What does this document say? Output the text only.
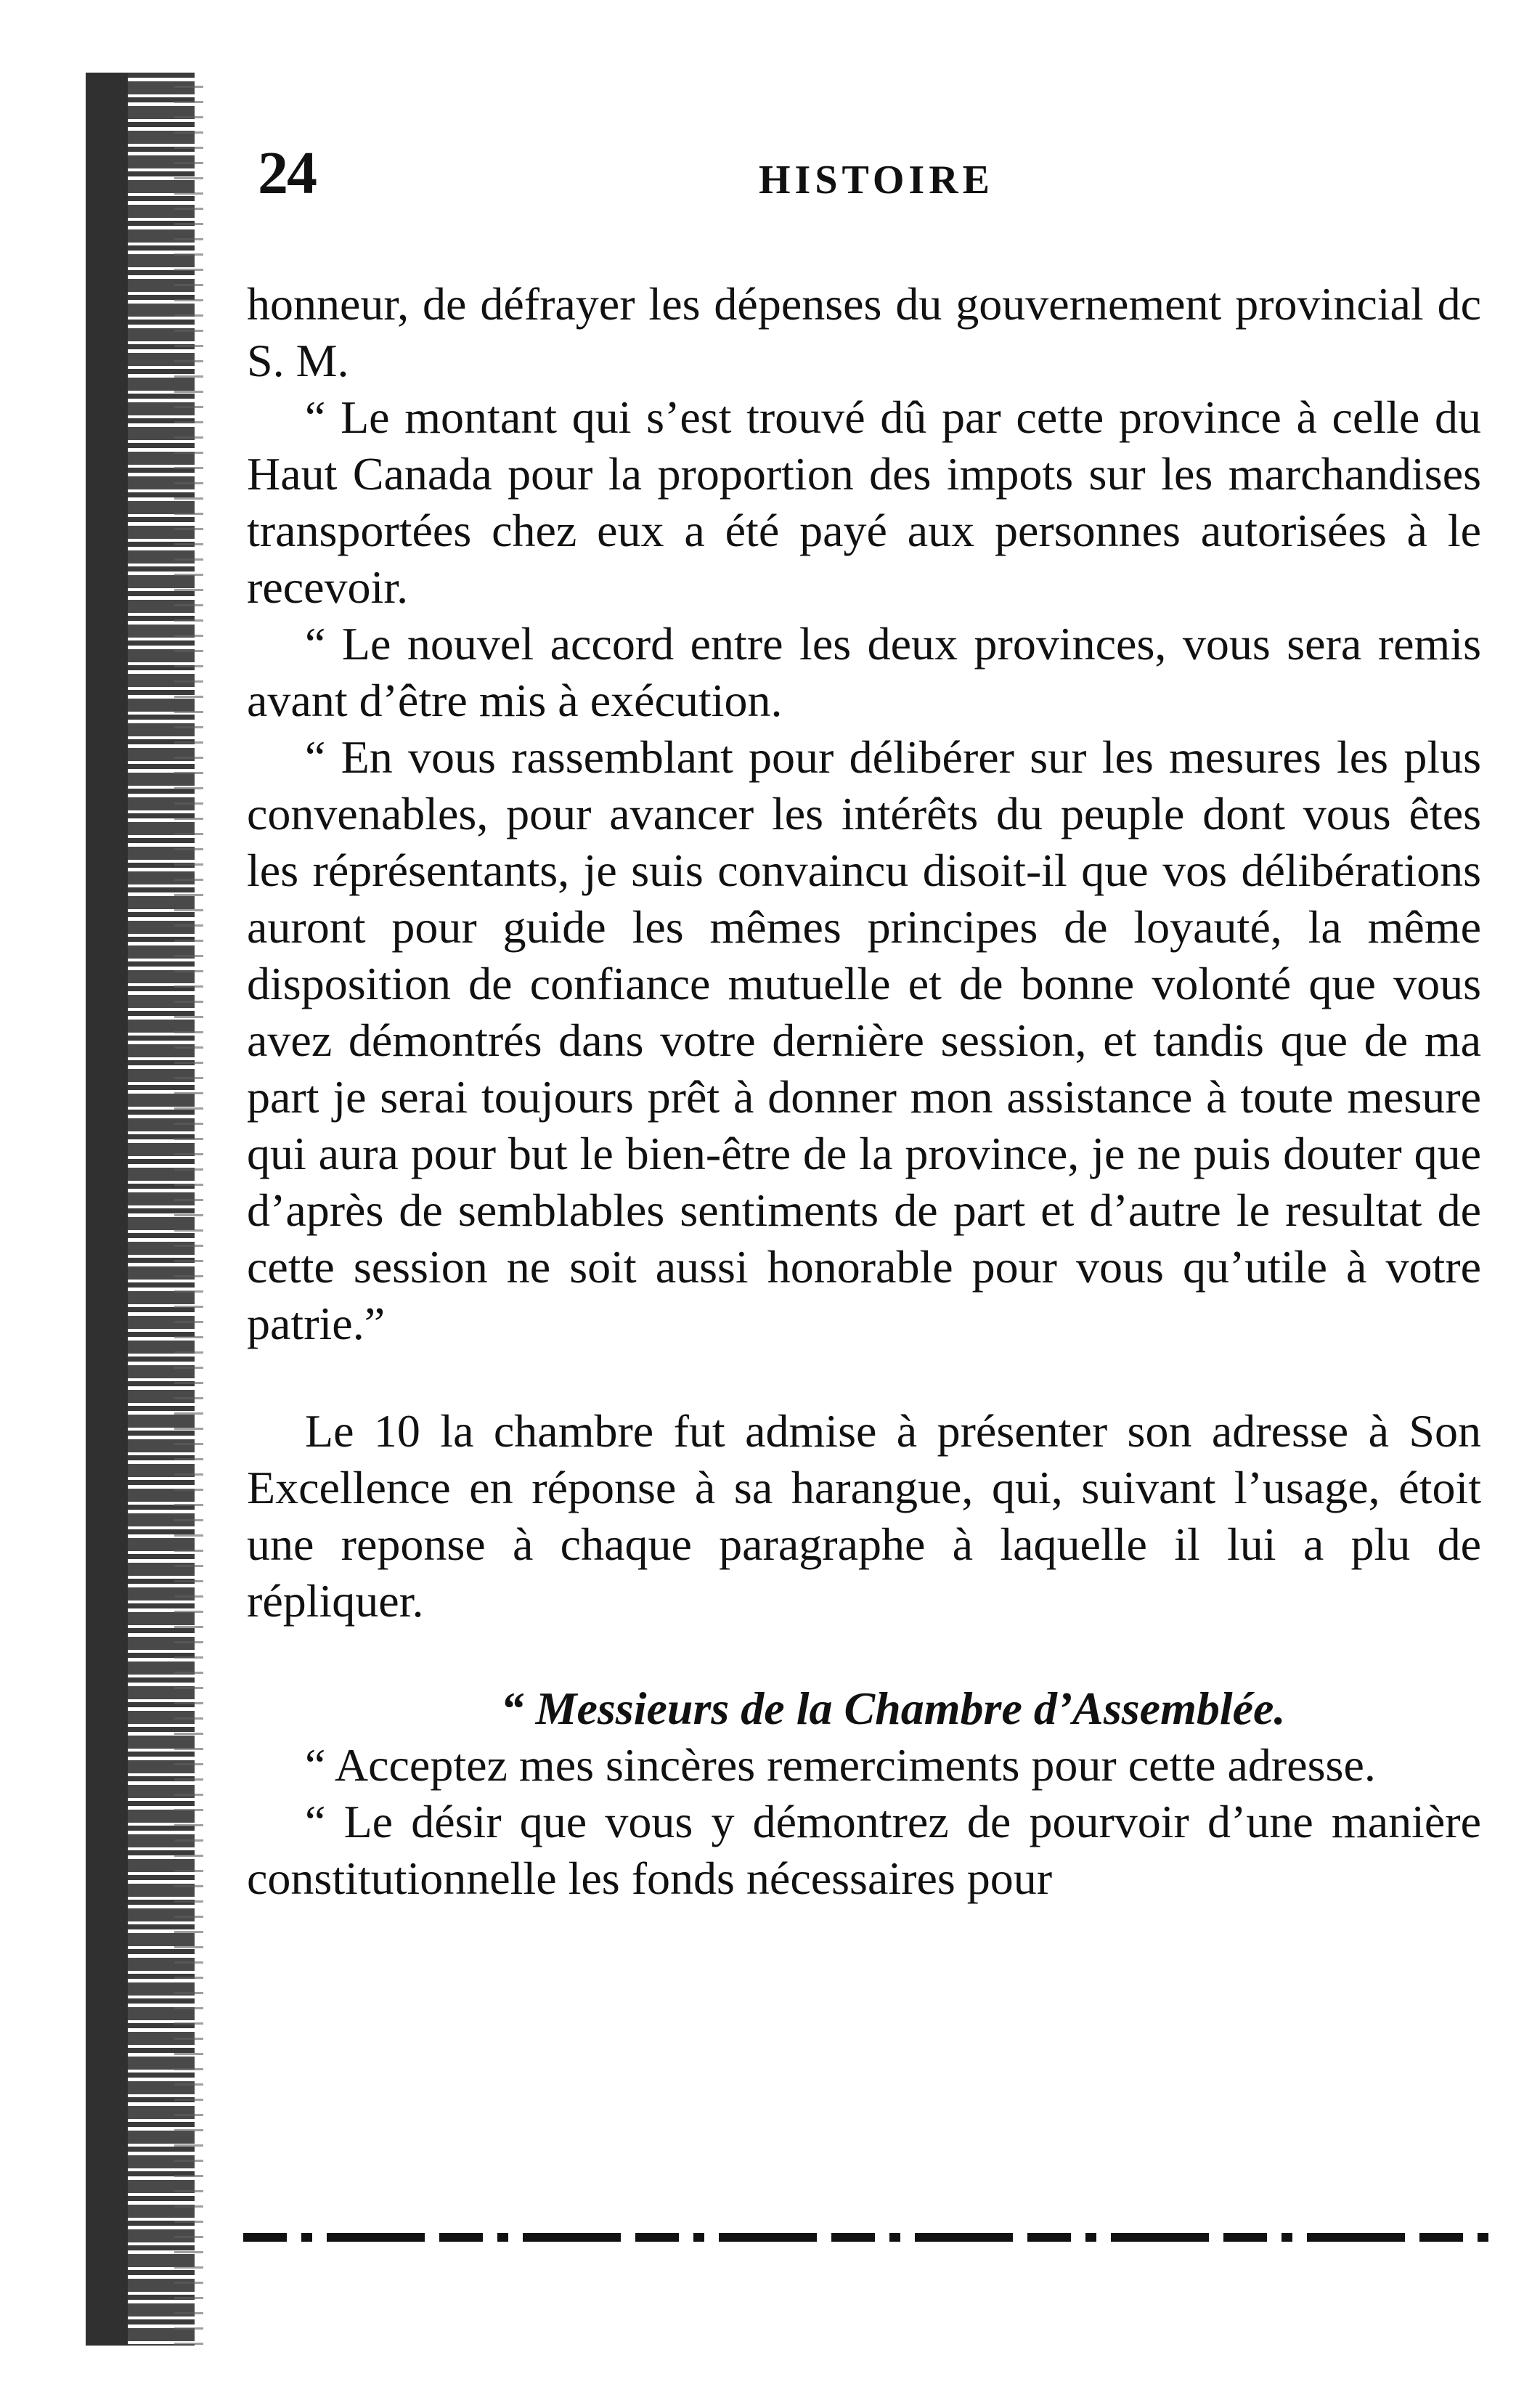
24	HISTOIRE

honneur, de défrayer les dépenses du gouvernement provincial dc S. M.

“ Le montant qui s’est trouvé dû par cette province à celle du Haut Canada pour la proportion des impots sur les marchandises transportées chez eux a été payé aux personnes autorisées à le recevoir.

“ Le nouvel accord entre les deux provinces, vous sera remis avant d’être mis à exécution.

“ En vous rassemblant pour délibérer sur les mesures les plus convenables, pour avancer les intérêts du peuple dont vous êtes les réprésentants, je suis convaincu disoit-il que vos délibérations auront pour guide les mêmes principes de loyauté, la même disposition de confiance mutuelle et de bonne volonté que vous avez démontrés dans votre dernière session, et tandis que de ma part je serai toujours prêt à donner mon assistance à toute mesure qui aura pour but le bien-être de la province, je ne puis douter que d’après de semblables sentiments de part et d’autre le resultat de cette session ne soit aussi honorable pour vous qu’utile à votre patrie.”

Le 10 la chambre fut admise à présenter son adresse à Son Excellence en réponse à sa harangue, qui, suivant l’usage, étoit une reponse à chaque paragraphe à laquelle il lui a plu de répliquer.

“ Messieurs de la Chambre d’Assemblée.

“ Acceptez mes sincères remerciments pour cette adresse.

“ Le désir que vous y démontrez de pourvoir d’une manière constitutionnelle les fonds nécessaires pour
